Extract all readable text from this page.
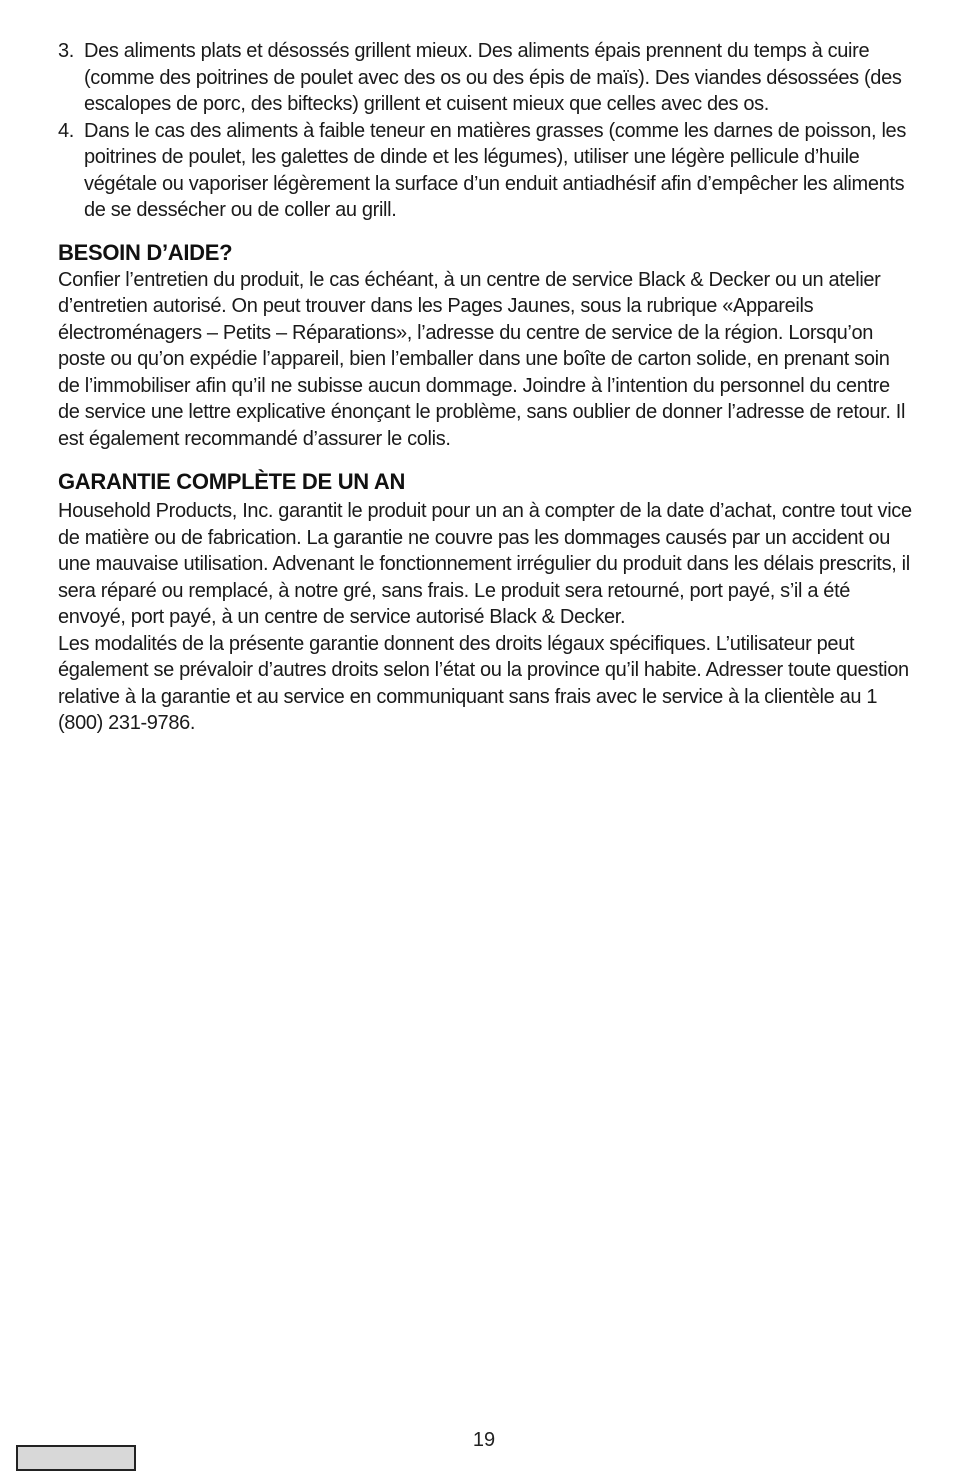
3. Des aliments plats et désossés grillent mieux. Des aliments épais prennent du temps à cuire (comme des poitrines de poulet avec des os ou des épis de maïs). Des viandes désossées (des escalopes de porc, des biftecks) grillent et cuisent mieux que celles avec des os.
4. Dans le cas des aliments à faible teneur en matières grasses (comme les darnes de poisson, les poitrines de poulet, les galettes de dinde et les légumes), utiliser une légère pellicule d’huile végétale ou vaporiser légèrement la surface d’un enduit antiadhésif afin d’empêcher les aliments de se dessécher ou de coller au grill.
BESOIN D’AIDE?

Confier l’entretien du produit, le cas échéant, à un centre de service Black & Decker ou un atelier d’entretien autorisé. On peut trouver dans les Pages Jaunes, sous la rubrique «Appareils électroménagers – Petits – Réparations», l’adresse du centre de service de la région. Lorsqu’on poste ou qu’on expédie l’appareil, bien l’emballer dans une boîte de carton solide, en prenant soin de l’immobiliser afin qu’il ne subisse aucun dommage. Joindre à l’intention du personnel du centre de service une lettre explicative énonçant le problème, sans oublier de donner l’adresse de retour. Il est également recommandé d’assurer le colis.

GARANTIE COMPLÈTE DE UN AN

Household Products, Inc. garantit le produit pour un an à compter de la date d’achat, contre tout vice de matière ou de fabrication. La garantie ne couvre pas les dommages causés par un accident ou une mauvaise utilisation. Advenant le fonctionnement irrégulier du produit dans les délais prescrits, il sera réparé ou remplacé, à notre gré, sans frais. Le produit sera retourné, port payé, s’il a été envoyé, port payé, à un centre de service autorisé Black & Decker.

Les modalités de la présente garantie donnent des droits légaux spécifiques. L’utilisateur peut également se prévaloir d’autres droits selon l’état ou la province qu’il habite. Adresser toute question relative à la garantie et au service en communiquant sans frais avec le service à la clientèle au 1 (800) 231-9786.

19
